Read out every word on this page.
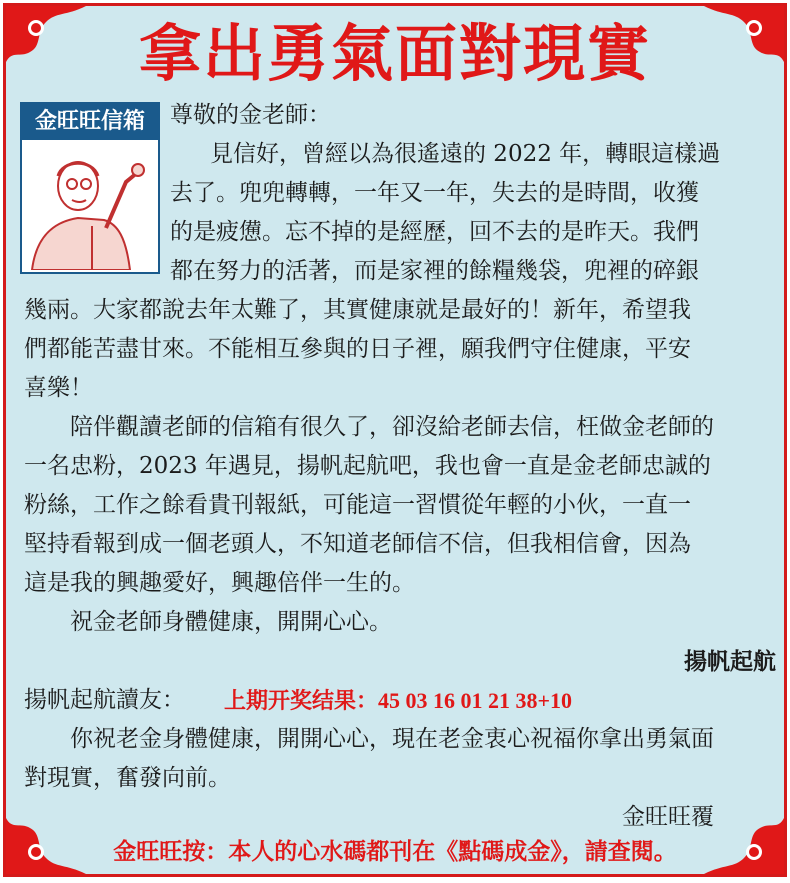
拿出勇氣面對現實
金旺旺信箱	尊敬的金老師：
見信好，曾經以為很遙遠的 2022 年，轉眼這樣過
去了。兜兜轉轉，一年又一年，失去的是時間，收獲
的是疲憊。忘不掉的是經歷，回不去的是昨天。我們
都在努力的活著，而是家裡的餘糧幾袋，兜裡的碎銀
幾兩。大家都說去年太難了，其實健康就是最好的！新年，希望我
們都能苦盡甘來。不能相互參與的日子裡，願我們守住健康，平安
喜樂！
陪伴觀讀老師的信箱有很久了，卻沒給老師去信，枉做金老師的
一名忠粉，2023 年遇見，揚帆起航吧，我也會一直是金老師忠誠的
粉絲，工作之餘看貴刊報紙，可能這一習慣從年輕的小伙，一直一
堅持看報到成一個老頭人，不知道老師信不信，但我相信會，因為
這是我的興趣愛好，興趣倍伴一生的。
祝金老師身體健康，開開心心。
揚帆起航
揚帆起航讀友： 上期开奖结果：45 03 16 01 21 38+10
你祝老金身體健康，開開心心，現在老金衷心祝福你拿出勇氣面
對現實，奮發向前。
金旺旺覆
金旺旺按：本人的心水碼都刊在《點碼成金》，請查閱。
